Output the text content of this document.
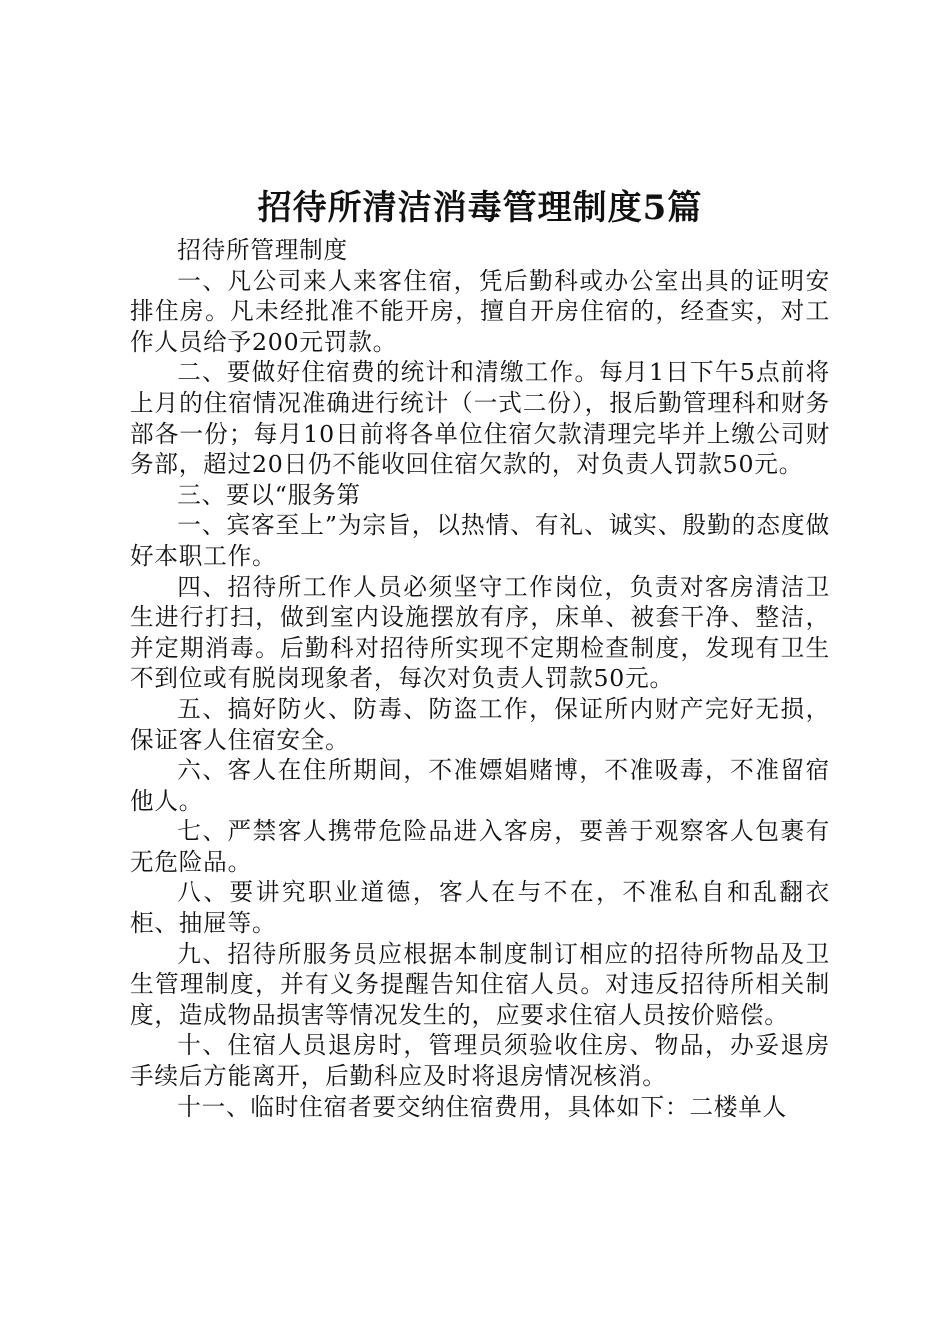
招待所清洁消毒管理制度5篇

招待所管理制度

一、凡公司来人来客住宿，凭后勤科或办公室出具的证明安排住房。凡未经批准不能开房，擅自开房住宿的，经查实，对工作人员给予200元罚款。

二、要做好住宿费的统计和清缴工作。每月1日下午5点前将上月的住宿情况准确进行统计（一式二份），报后勤管理科和财务部各一份；每月10日前将各单位住宿欠款清理完毕并上缴公司财务部，超过20日仍不能收回住宿欠款的，对负责人罚款50元。

三、要以“服务第

一、宾客至上”为宗旨，以热情、有礼、诚实、殷勤的态度做好本职工作。

四、招待所工作人员必须坚守工作岗位，负责对客房清洁卫生进行打扫，做到室内设施摆放有序，床单、被套干净、整洁，并定期消毒。后勤科对招待所实现不定期检查制度，发现有卫生不到位或有脱岗现象者，每次对负责人罚款50元。

五、搞好防火、防毒、防盗工作，保证所内财产完好无损，保证客人住宿安全。

六、客人在住所期间，不准嫖娼赌博，不准吸毒，不准留宿他人。

七、严禁客人携带危险品进入客房，要善于观察客人包裹有无危险品。

八、要讲究职业道德，客人在与不在，不准私自和乱翻衣柜、抽屉等。

九、招待所服务员应根据本制度制订相应的招待所物品及卫生管理制度，并有义务提醒告知住宿人员。对违反招待所相关制度，造成物品损害等情况发生的，应要求住宿人员按价赔偿。

十、住宿人员退房时，管理员须验收住房、物品，办妥退房手续后方能离开，后勤科应及时将退房情况核消。

十一、临时住宿者要交纳住宿费用，具体如下：二楼单人
